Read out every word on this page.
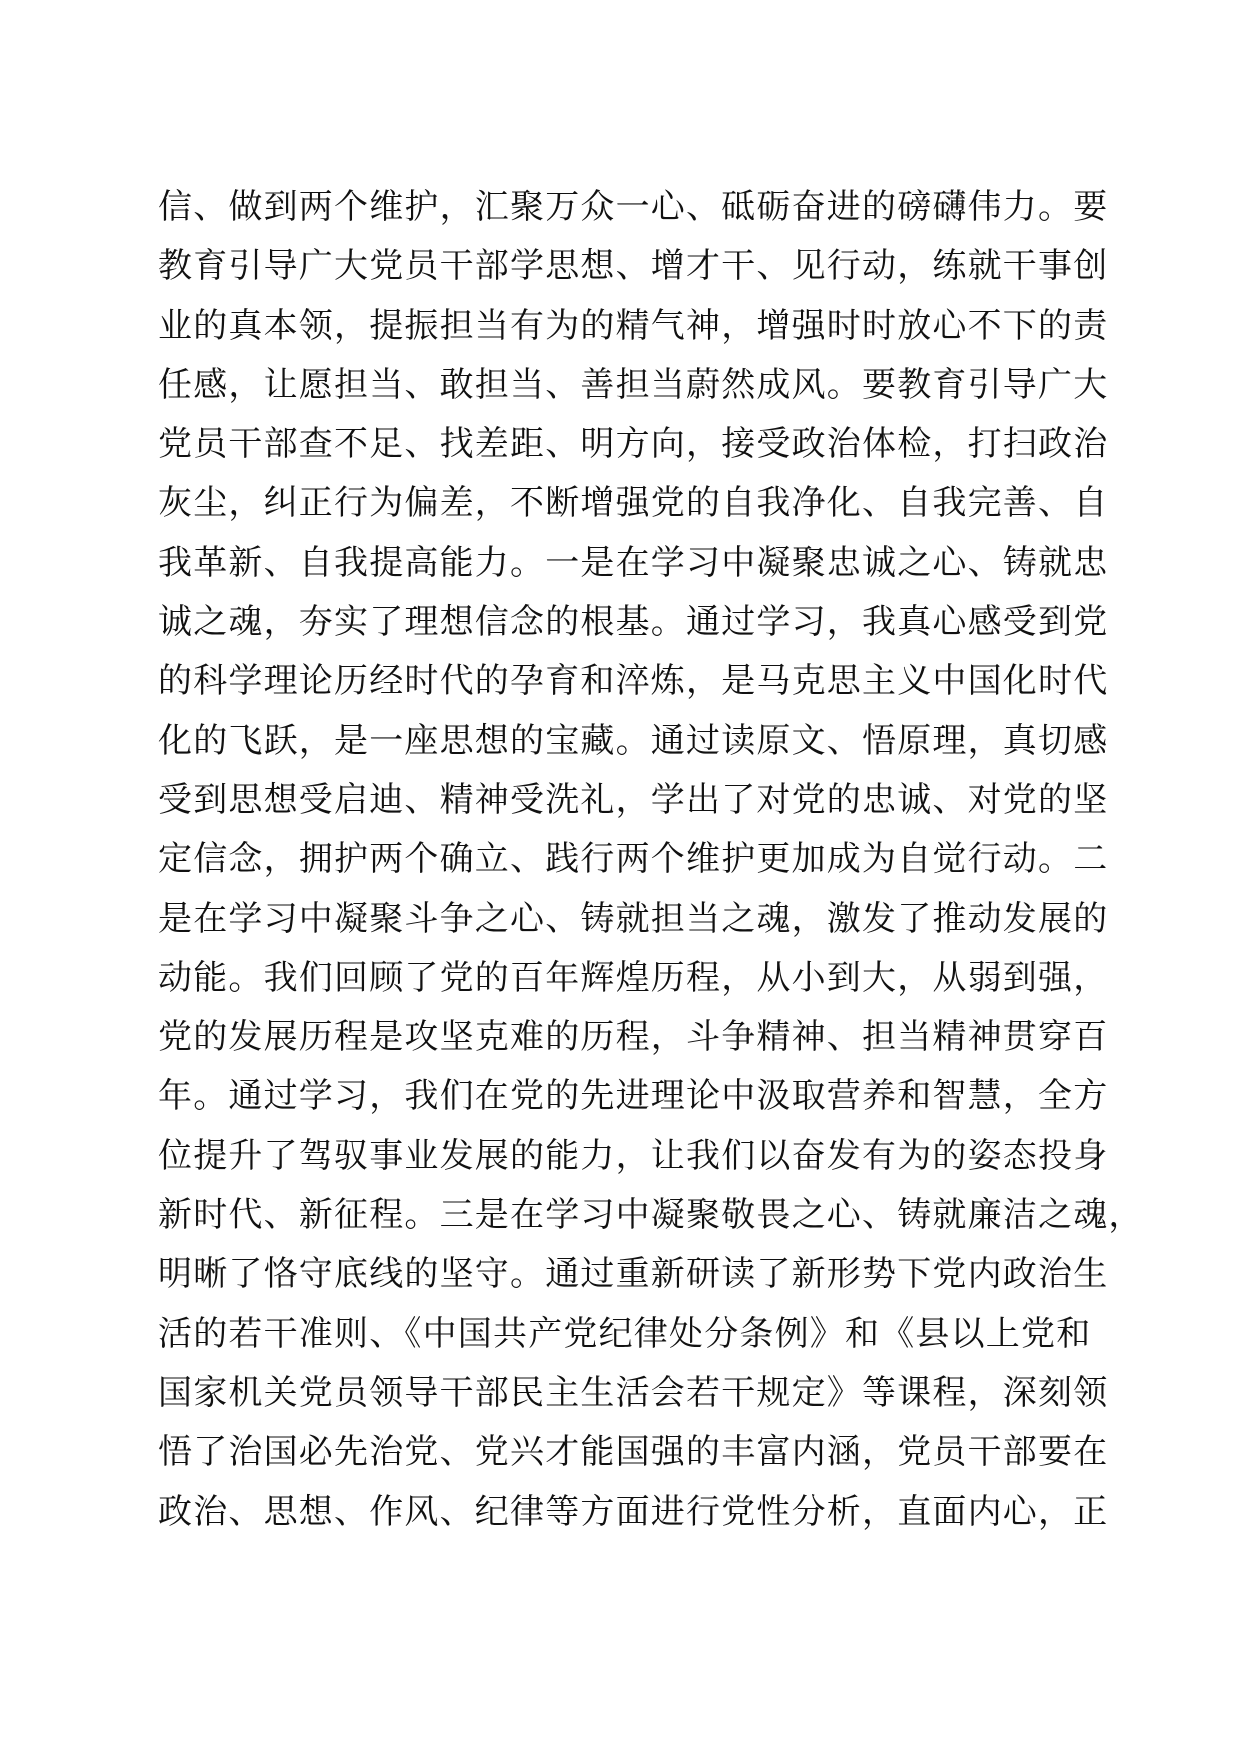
信、做到两个维护，汇聚万众一心、砥砺奋进的磅礴伟力。要
教育引导广大党员干部学思想、增才干、见行动，练就干事创
业的真本领，提振担当有为的精气神，增强时时放心不下的责
任感，让愿担当、敢担当、善担当蔚然成风。要教育引导广大
党员干部查不足、找差距、明方向，接受政治体检，打扫政治
灰尘，纠正行为偏差，不断增强党的自我净化、自我完善、自
我革新、自我提高能力。一是在学习中凝聚忠诚之心、铸就忠
诚之魂，夯实了理想信念的根基。通过学习，我真心感受到党
的科学理论历经时代的孕育和淬炼，是马克思主义中国化时代
化的飞跃，是一座思想的宝藏。通过读原文、悟原理，真切感
受到思想受启迪、精神受洗礼，学出了对党的忠诚、对党的坚
定信念，拥护两个确立、践行两个维护更加成为自觉行动。二
是在学习中凝聚斗争之心、铸就担当之魂，激发了推动发展的
动能。我们回顾了党的百年辉煌历程，从小到大，从弱到强，
党的发展历程是攻坚克难的历程，斗争精神、担当精神贯穿百
年。通过学习，我们在党的先进理论中汲取营养和智慧，全方
位提升了驾驭事业发展的能力，让我们以奋发有为的姿态投身
新时代、新征程。三是在学习中凝聚敬畏之心、铸就廉洁之魂，
明晰了恪守底线的坚守。通过重新研读了新形势下党内政治生
活的若干准则、《中国共产党纪律处分条例》和《县以上党和
国家机关党员领导干部民主生活会若干规定》等课程，深刻领
悟了治国必先治党、党兴才能国强的丰富内涵，党员干部要在
政治、思想、作风、纪律等方面进行党性分析，直面内心，正
